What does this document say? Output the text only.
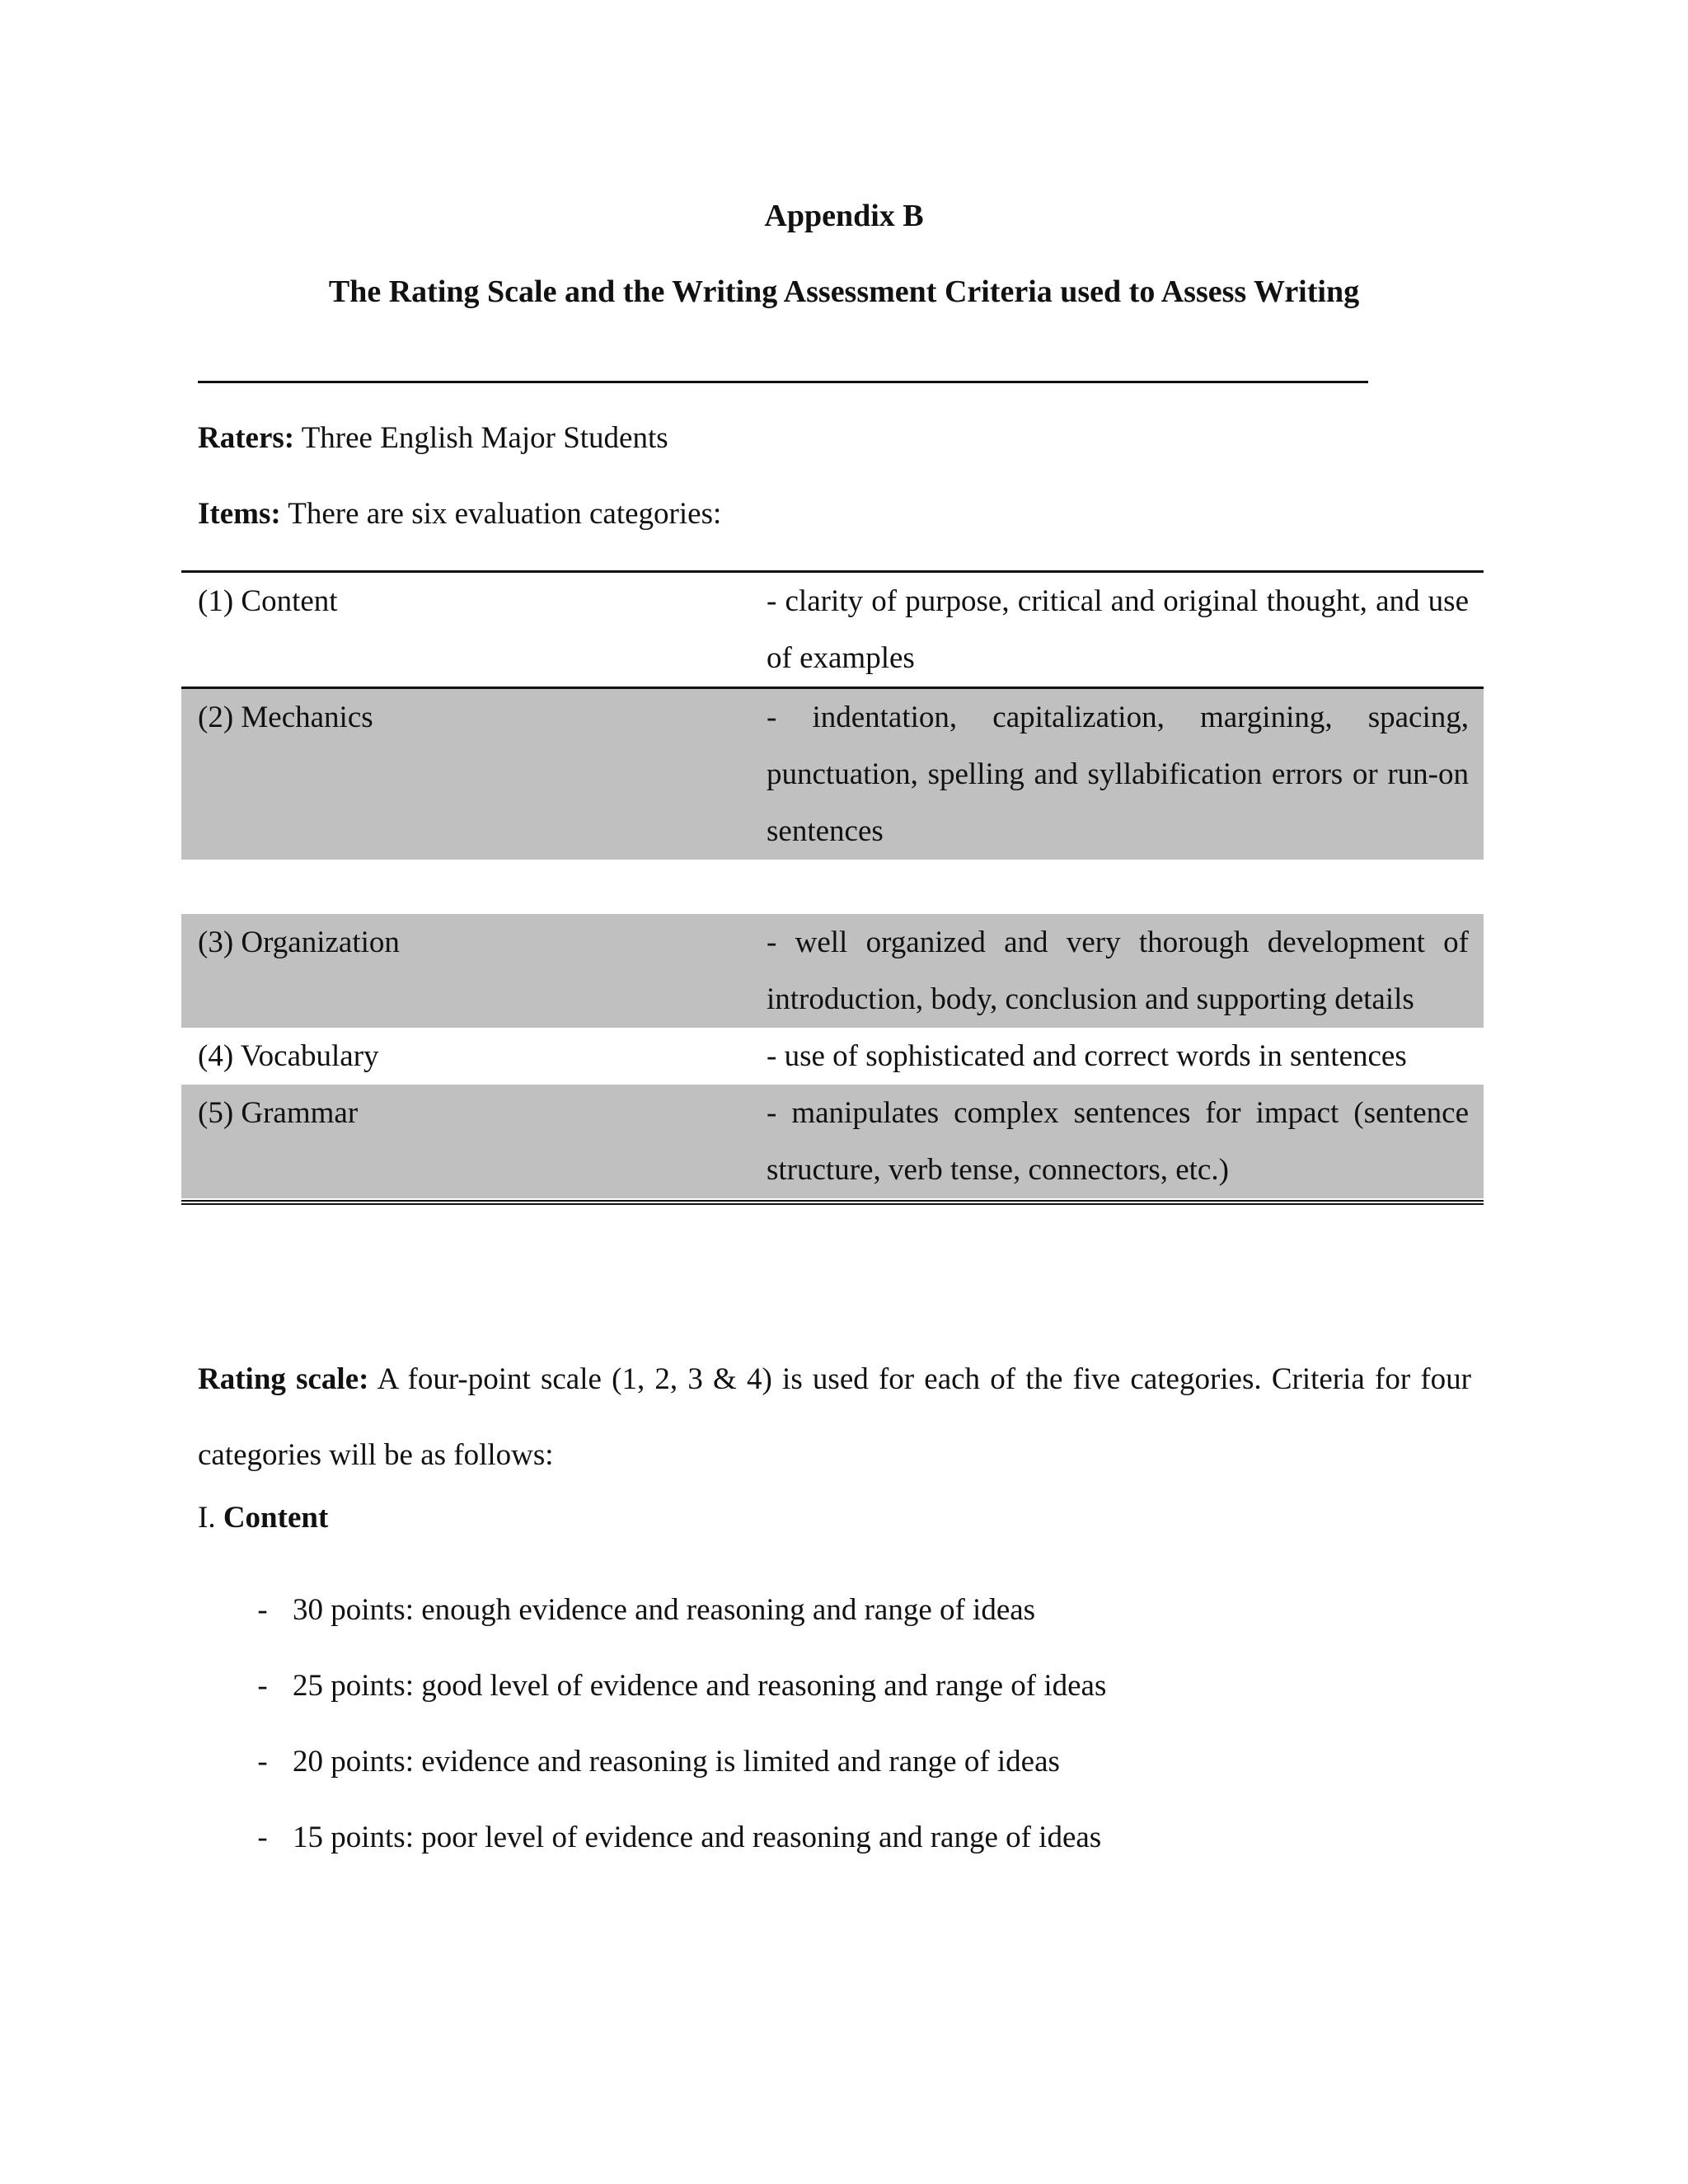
Appendix B
The Rating Scale and the Writing Assessment Criteria used to Assess Writing
Raters: Three English Major Students
Items: There are six evaluation categories:
(1) Content	- clarity of purpose, critical and original thought, and use of examples
(2) Mechanics	- indentation, capitalization, margining, spacing, punctuation, spelling and syllabification errors or run-on sentences
(3) Organization	- well organized and very thorough development of introduction, body, conclusion and supporting details
(4) Vocabulary	- use of sophisticated and correct words in sentences
(5) Grammar	- manipulates complex sentences for impact (sentence structure, verb tense, connectors, etc.)
Rating scale: A four-point scale (1, 2, 3 & 4) is used for each of the five categories. Criteria for four categories will be as follows:
I. Content
- 30 points: enough evidence and reasoning and range of ideas
- 25 points: good level of evidence and reasoning and range of ideas
- 20 points: evidence and reasoning is limited and range of ideas
- 15 points: poor level of evidence and reasoning and range of ideas
